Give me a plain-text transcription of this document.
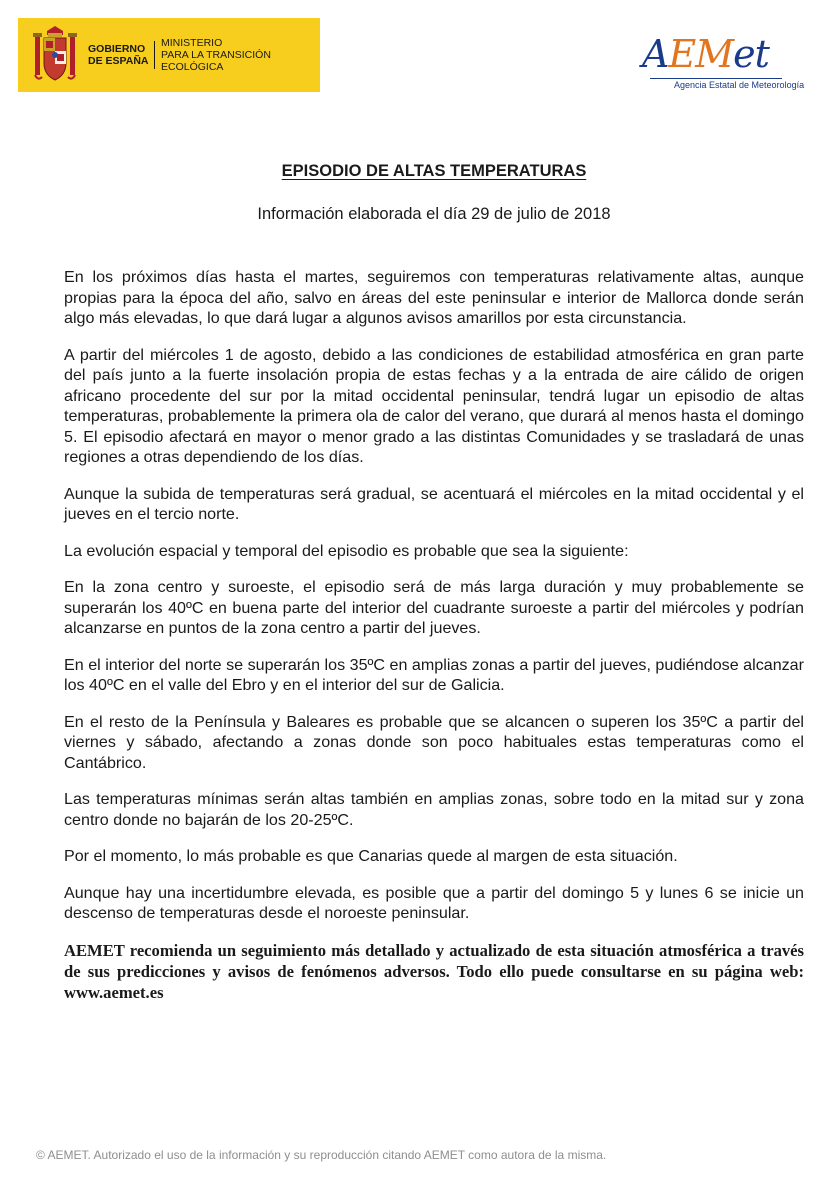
GOBIERNO
DE ESPAÑA
MINISTERIO
PARA LA TRANSICIÓN ECOLÓGICA	AEMet
Agencia Estatal de Meteorología
EPISODIO DE ALTAS TEMPERATURAS
Información elaborada el día 29 de julio de 2018

En los próximos días hasta el martes, seguiremos con temperaturas relativamente altas, aunque propias para la época del año, salvo en áreas del este peninsular e interior de Mallorca donde serán algo más elevadas, lo que dará lugar a algunos avisos amarillos por esta circunstancia.

A partir del miércoles 1 de agosto, debido a las condiciones de estabilidad atmosférica en gran parte del país junto a la fuerte insolación propia de estas fechas y a la entrada de aire cálido de origen africano procedente del sur por la mitad occidental peninsular, tendrá lugar un episodio de altas temperaturas, probablemente la primera ola de calor del verano, que durará al menos hasta el domingo 5. El episodio afectará en mayor o menor grado a las distintas Comunidades y se trasladará de unas regiones a otras dependiendo de los días.

Aunque la subida de temperaturas será gradual, se acentuará el miércoles en la mitad occidental y el jueves en el tercio norte.

La evolución espacial y temporal del episodio es probable que sea la siguiente:

En la zona centro y suroeste, el episodio será de más larga duración y muy probablemente se superarán los 40ºC en buena parte del interior del cuadrante suroeste a partir del miércoles y podrían alcanzarse en puntos de la zona centro a partir del jueves.

En el interior del norte se superarán los 35ºC en amplias zonas a partir del jueves, pudiéndose alcanzar los 40ºC en el valle del Ebro y en el interior del sur de Galicia.

En el resto de la Península y Baleares es probable que se alcancen o superen los 35ºC a partir del viernes y sábado, afectando a zonas donde son poco habituales estas temperaturas como el Cantábrico.

Las temperaturas mínimas serán altas también en amplias zonas, sobre todo en la mitad sur y zona centro donde no bajarán de los 20-25ºC.

Por el momento, lo más probable es que Canarias quede al margen de esta situación.

Aunque hay una incertidumbre elevada, es posible que a partir del domingo 5 y lunes 6 se inicie un descenso de temperaturas desde el noroeste peninsular.

AEMET recomienda un seguimiento más detallado y actualizado de esta situación atmosférica a través de sus predicciones y avisos de fenómenos adversos. Todo ello puede consultarse en su página web: www.aemet.es

© AEMET. Autorizado el uso de la información y su reproducción citando AEMET como autora de la misma.
